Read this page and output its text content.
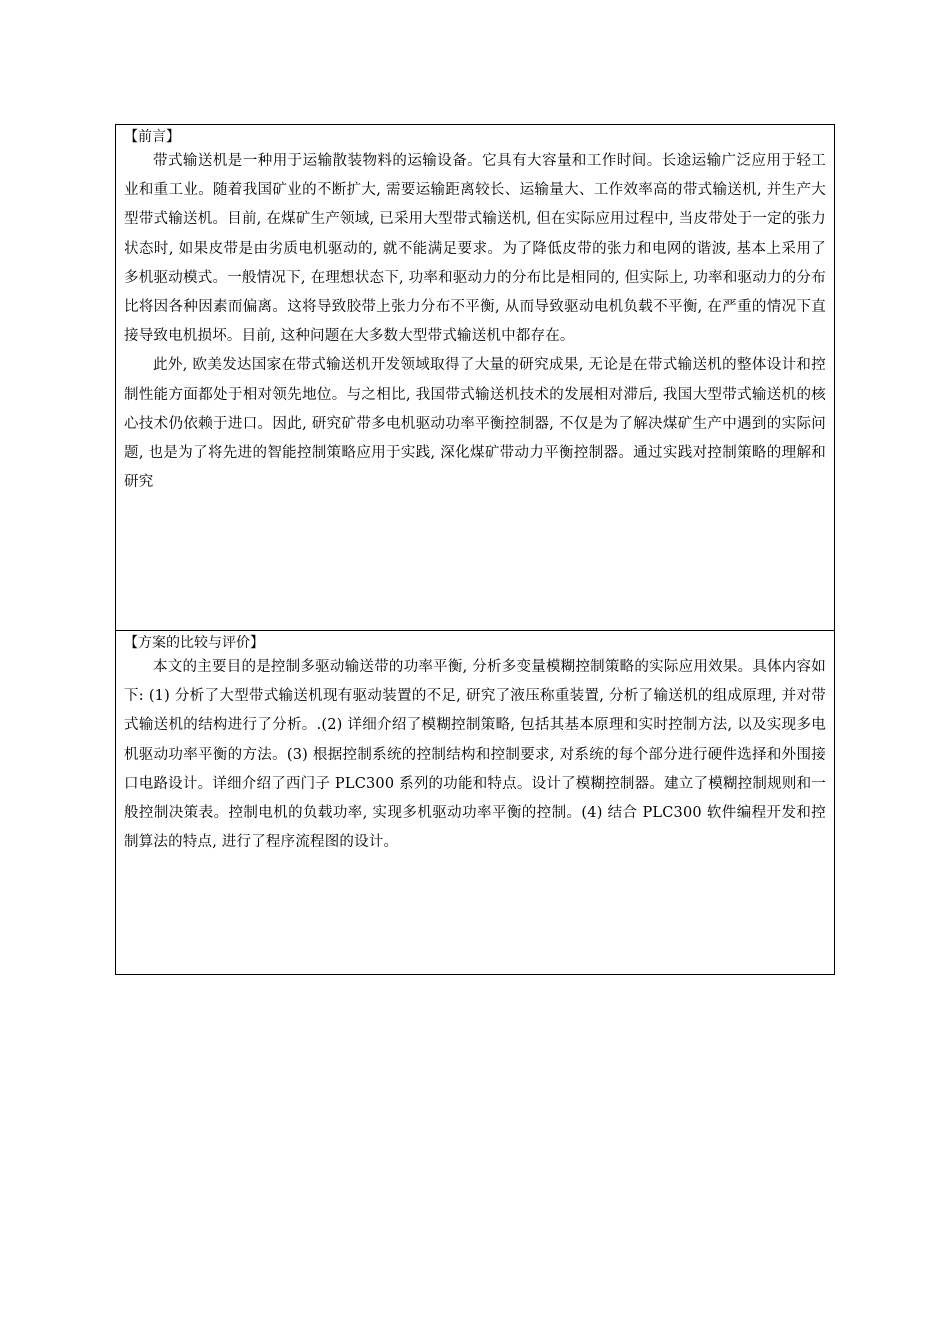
【前言】

带式输送机是一种用于运输散装物料的运输设备。它具有大容量和工作时间。长途运输广泛应用于轻工业和重工业。随着我国矿业的不断扩大, 需要运输距离较长、运输量大、工作效率高的带式输送机, 并生产大型带式输送机。目前, 在煤矿生产领域, 已采用大型带式输送机, 但在实际应用过程中, 当皮带处于一定的张力状态时, 如果皮带是由劣质电机驱动的, 就不能满足要求。为了降低皮带的张力和电网的谐波, 基本上采用了多机驱动模式。一般情况下, 在理想状态下, 功率和驱动力的分布比是相同的, 但实际上, 功率和驱动力的分布比将因各种因素而偏离。这将导致胶带上张力分布不平衡, 从而导致驱动电机负载不平衡, 在严重的情况下直接导致电机损坏。目前, 这种问题在大多数大型带式输送机中都存在。

此外, 欧美发达国家在带式输送机开发领域取得了大量的研究成果, 无论是在带式输送机的整体设计和控制性能方面都处于相对领先地位。与之相比, 我国带式输送机技术的发展相对滞后, 我国大型带式输送机的核心技术仍依赖于进口。因此, 研究矿带多电机驱动功率平衡控制器, 不仅是为了解决煤矿生产中遇到的实际问题, 也是为了将先进的智能控制策略应用于实践, 深化煤矿带动力平衡控制器。通过实践对控制策略的理解和研究

【方案的比较与评价】

本文的主要目的是控制多驱动输送带的功率平衡, 分析多变量模糊控制策略的实际应用效果。具体内容如下: (1) 分析了大型带式输送机现有驱动装置的不足, 研究了液压称重装置, 分析了输送机的组成原理, 并对带式输送机的结构进行了分析。.(2) 详细介绍了模糊控制策略, 包括其基本原理和实时控制方法, 以及实现多电机驱动功率平衡的方法。(3) 根据控制系统的控制结构和控制要求, 对系统的每个部分进行硬件选择和外围接口电路设计。详细介绍了西门子 PLC300 系列的功能和特点。设计了模糊控制器。建立了模糊控制规则和一般控制决策表。控制电机的负载功率, 实现多机驱动功率平衡的控制。(4) 结合 PLC300 软件编程开发和控制算法的特点, 进行了程序流程图的设计。
